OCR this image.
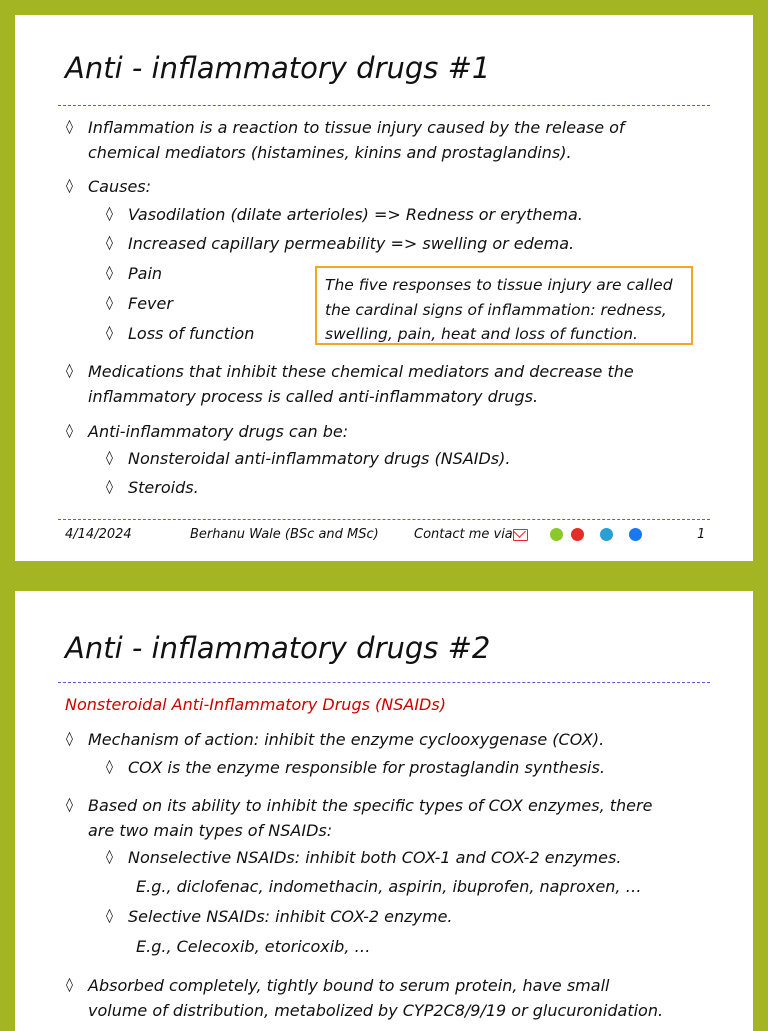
Anti - inflammatory drugs #1
◊ Inflammation is a reaction to tissue injury caused by the release of
chemical mediators (histamines, kinins and prostaglandins).
◊ Causes:
◊ Vasodilation (dilate arterioles) => Redness or erythema.
◊ Increased capillary permeability => swelling or edema.
◊ Pain
◊ Fever
◊ Loss of function
The five responses to tissue injury are called
the cardinal signs of inflammation: redness,
swelling, pain, heat and loss of function.
◊ Medications that inhibit these chemical mediators and decrease the
inflammatory process is called anti-inflammatory drugs.
◊ Anti-inflammatory drugs can be:
◊ Nonsteroidal anti-inflammatory drugs (NSAIDs).
◊ Steroids.
4/14/2024	Berhanu Wale (BSc and MSc)	Contact me via	1
Anti - inflammatory drugs #2
Nonsteroidal Anti-Inflammatory Drugs (NSAIDs)
◊ Mechanism of action: inhibit the enzyme cyclooxygenase (COX).
◊ COX is the enzyme responsible for prostaglandin synthesis.
◊ Based on its ability to inhibit the specific types of COX enzymes, there
are two main types of NSAIDs:
◊ Nonselective NSAIDs: inhibit both COX-1 and COX-2 enzymes.
E.g., diclofenac, indomethacin, aspirin, ibuprofen, naproxen, …
◊ Selective NSAIDs: inhibit COX-2 enzyme.
E.g., Celecoxib, etoricoxib, …
◊ Absorbed completely, tightly bound to serum protein, have small
volume of distribution, metabolized by CYP2C8/9/19 or glucuronidation.
